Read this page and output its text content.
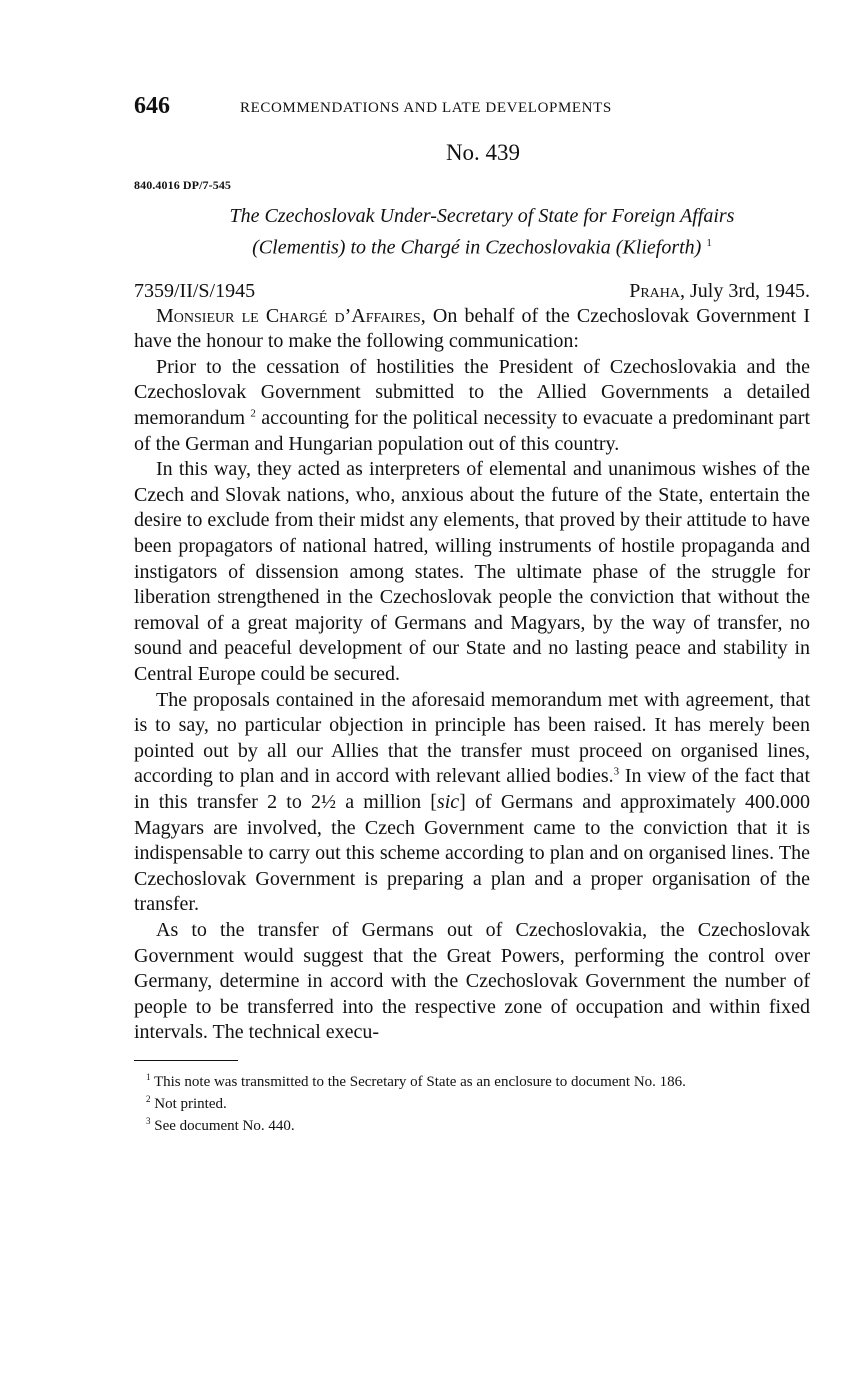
646	RECOMMENDATIONS AND LATE DEVELOPMENTS
No. 439
840.4016 DP/7-545
The Czechoslovak Under-Secretary of State for Foreign Affairs
(Clementis) to the Chargé in Czechoslovakia (Klieforth) $^1$
7359/II/S/1945	Praha, July 3rd, 1945.

Monsieur le Chargé d’Affaires, On behalf of the Czechoslovak Government I have the honour to make the following communication:

Prior to the cessation of hostilities the President of Czechoslovakia and the Czechoslovak Government submitted to the Allied Governments a detailed memorandum $^2$ accounting for the political necessity to evacuate a predominant part of the German and Hungarian population out of this country.

In this way, they acted as interpreters of elemental and unanimous wishes of the Czech and Slovak nations, who, anxious about the future of the State, entertain the desire to exclude from their midst any elements, that proved by their attitude to have been propagators of national hatred, willing instruments of hostile propaganda and instigators of dissension among states. The ultimate phase of the struggle for liberation strengthened in the Czechoslovak people the conviction that without the removal of a great majority of Germans and Magyars, by the way of transfer, no sound and peaceful development of our State and no lasting peace and stability in Central Europe could be secured.

The proposals contained in the aforesaid memorandum met with agreement, that is to say, no particular objection in principle has been raised. It has merely been pointed out by all our Allies that the transfer must proceed on organised lines, according to plan and in accord with relevant allied bodies.$^3$ In view of the fact that in this transfer 2 to 2½ a million [sic] of Germans and approximately 400.000 Magyars are involved, the Czech Government came to the conviction that it is indispensable to carry out this scheme according to plan and on organised lines. The Czechoslovak Government is preparing a plan and a proper organisation of the transfer.

As to the transfer of Germans out of Czechoslovakia, the Czechoslovak Government would suggest that the Great Powers, performing the control over Germany, determine in accord with the Czechoslovak Government the number of people to be transferred into the respective zone of occupation and within fixed intervals. The technical execu-

$^1$ This note was transmitted to the Secretary of State as an enclosure to document No. 186.

$^2$ Not printed.

$^3$ See document No. 440.
